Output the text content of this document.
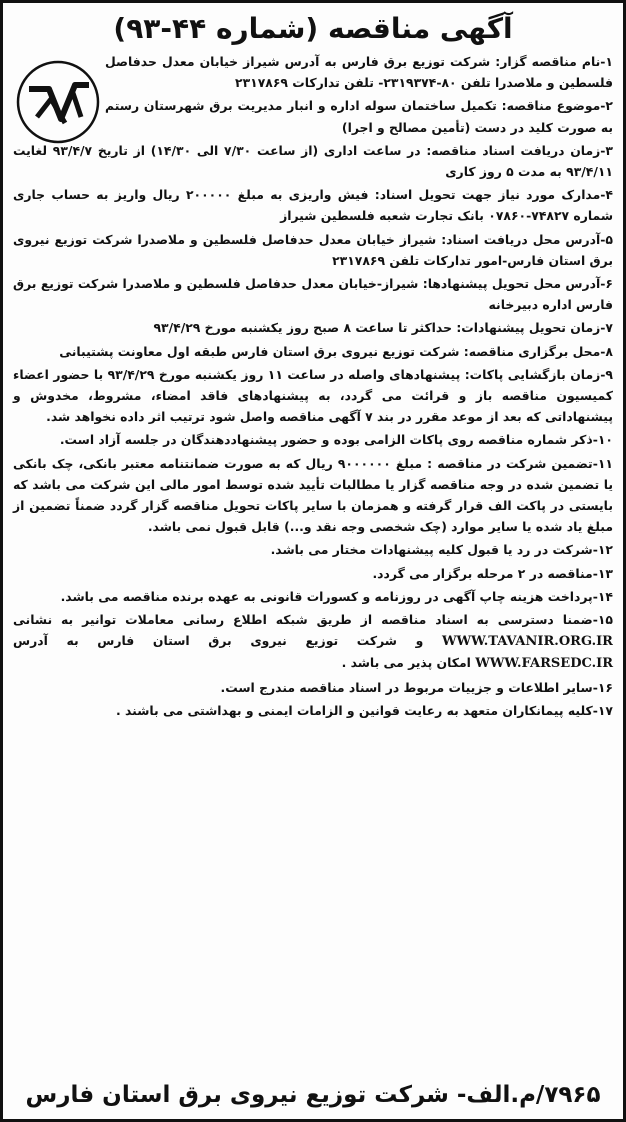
آگهی مناقصه (شماره ۴۴-۹۳)
۱-نام مناقصه گزار: شرکت توزیع برق فارس به آدرس شیراز خیابان معدل حدفاصل فلسطین و ملاصدرا تلفن ۸۰-۲۳۱۹۳۷۴- تلفن تدارکات ۲۳۱۷۸۶۹
۲-موضوع مناقصه: تکمیل ساختمان سوله اداره و انبار مدیریت برق شهرستان رستم به صورت کلید در دست (تأمین مصالح و اجرا)
۳-زمان دریافت اسناد مناقصه: در ساعت اداری (از ساعت ۷/۳۰ الی ۱۴/۳۰) از تاریخ ۹۳/۴/۷ لغایت ۹۳/۴/۱۱ به مدت ۵ روز کاری
۴-مدارک مورد نیاز جهت تحویل اسناد: فیش واریزی به مبلغ ۲۰۰۰۰۰ ریال واریز به حساب جاری شماره ۷۴۸۲۷-۰۷۸۶۰ بانک تجارت شعبه فلسطین شیراز
۵-آدرس محل دریافت اسناد: شیراز خیابان معدل حدفاصل فلسطین و ملاصدرا شرکت توزیع نیروی برق استان فارس-امور تدارکات تلفن ۲۳۱۷۸۶۹
۶-آدرس محل تحویل پیشنهادها: شیراز-خیابان معدل حدفاصل فلسطین و ملاصدرا شرکت توزیع برق فارس اداره دبیرخانه
۷-زمان تحویل پیشنهادات: حداکثر تا ساعت ۸ صبح روز یکشنبه مورخ ۹۳/۴/۲۹
۸-محل برگزاری مناقصه: شرکت توزیع نیروی برق استان فارس طبقه اول معاونت پشتیبانی
۹-زمان بازگشایی پاکات: پیشنهادهای واصله در ساعت ۱۱ روز یکشنبه مورخ ۹۳/۴/۲۹ با حضور اعضاء کمیسیون مناقصه باز و قرائت می گردد، به پیشنهادهای فاقد امضاء، مشروط، مخدوش و پیشنهاداتی که بعد از موعد مقرر در بند ۷ آگهی مناقصه واصل شود ترتیب اثر داده نخواهد شد.
۱۰-ذکر شماره مناقصه روی پاکات الزامی بوده و حضور پیشنهاددهندگان در جلسه آزاد است.
۱۱-تضمین شرکت در مناقصه : مبلغ ۹۰۰۰۰۰۰ ریال که به صورت ضمانتنامه معتبر بانکی، چک بانکی یا تضمین شده در وجه مناقصه گزار یا مطالبات تأیید شده توسط امور مالی این شرکت می باشد که بایستی در پاکت الف قرار گرفته و همزمان با سایر پاکات تحویل مناقصه گزار گردد ضمناً تضمین از مبلغ یاد شده یا سایر موارد (چک شخصی وجه نقد و...) قابل قبول نمی باشد.
۱۲-شرکت در رد یا قبول کلیه پیشنهادات مختار می باشد.
۱۳-مناقصه در ۲ مرحله برگزار می گردد.
۱۴-پرداخت هزینه چاپ آگهی در روزنامه و کسورات قانونی به عهده برنده مناقصه می باشد.
۱۵-ضمنا دسترسی به اسناد مناقصه از طریق شبکه اطلاع رسانی معاملات توانیر به نشانی WWW.TAVANIR.ORG.IR و شرکت توزیع نیروی برق استان فارس به آدرس WWW.FARSEDC.IR امکان پذیر می باشد .
۱۶-سایر اطلاعات و جزییات مربوط در اسناد مناقصه مندرج است.
۱۷-کلیه پیمانکاران متعهد به رعایت قوانین و الزامات ایمنی و بهداشتی می باشند .
۷۹۶۵/م.الف- شرکت توزیع نیروی برق استان فارس
